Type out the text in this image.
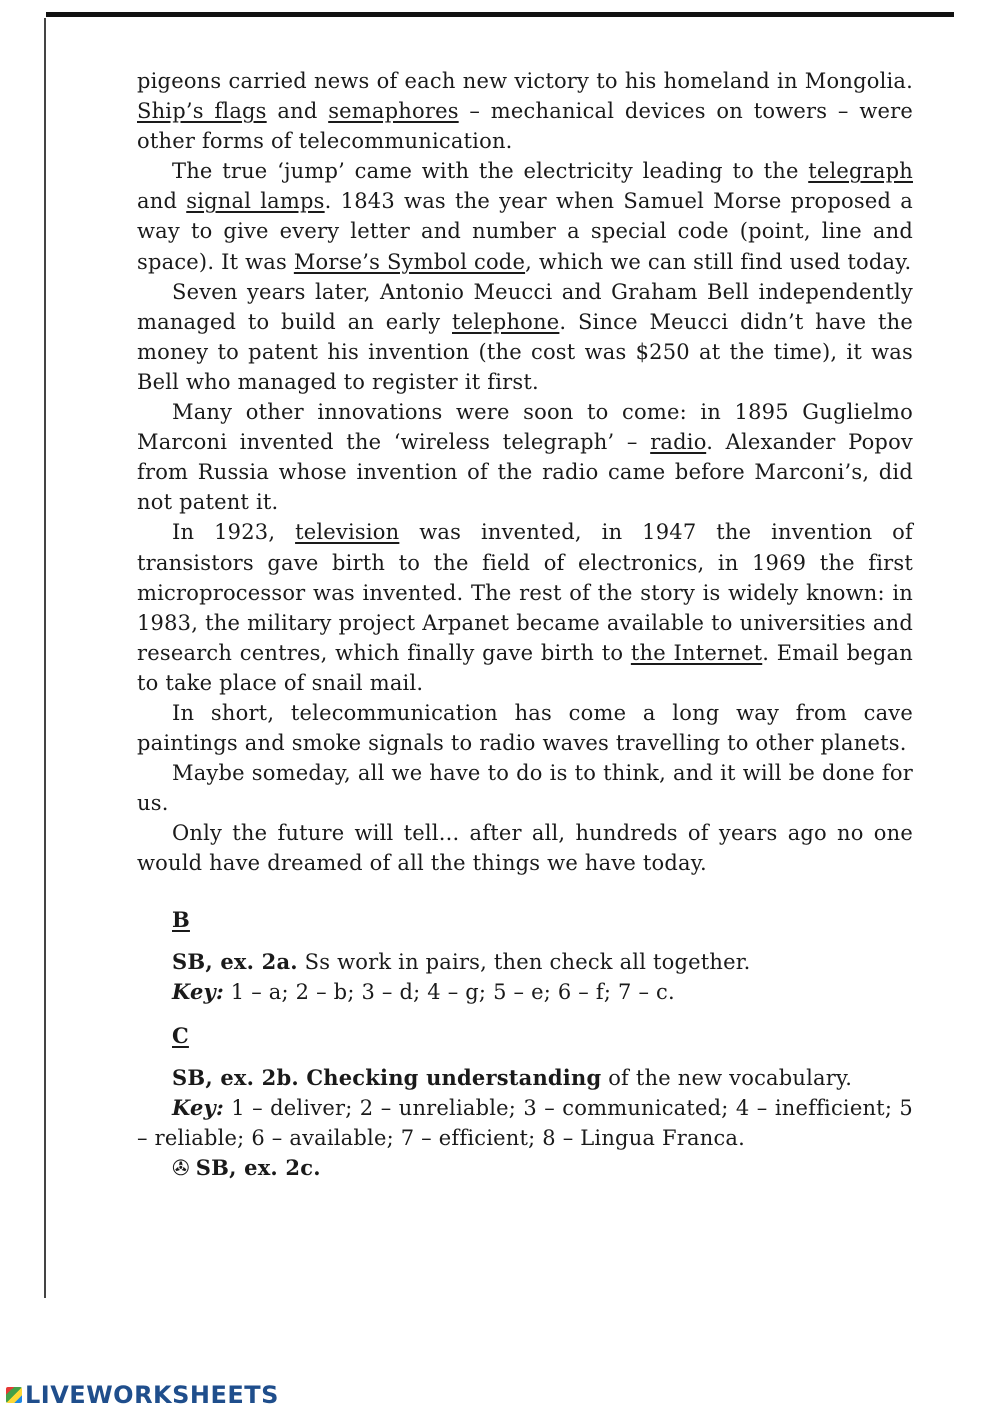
pigeons carried news of each new victory to his homeland in Mongolia. Ship’s flags and semaphores – mechanical devices on towers – were other forms of telecommunication.

The true ‘jump’ came with the electricity leading to the telegraph and signal lamps. 1843 was the year when Samuel Morse proposed a way to give every letter and number a special code (point, line and space). It was Morse’s Symbol code, which we can still find used today.

Seven years later, Antonio Meucci and Graham Bell independently managed to build an early telephone. Since Meucci didn’t have the money to patent his invention (the cost was $250 at the time), it was Bell who managed to register it first.

Many other innovations were soon to come: in 1895 Guglielmo Marconi invented the ‘wireless telegraph’ – radio. Alexander Popov from Russia whose invention of the radio came before Marconi’s, did not patent it.

In 1923, television was invented, in 1947 the invention of transistors gave birth to the field of electronics, in 1969 the first microprocessor was invented. The rest of the story is widely known: in 1983, the military project Arpanet became available to universities and research centres, which finally gave birth to the Internet. Email began to take place of snail mail.

In short, telecommunication has come a long way from cave paintings and smoke signals to radio waves travelling to other planets.

Maybe someday, all we have to do is to think, and it will be done for us.

Only the future will tell... after all, hundreds of years ago no one would have dreamed of all the things we have today.

B

SB, ex. 2a. Ss work in pairs, then check all together.

Key: 1 – a; 2 – b; 3 – d; 4 – g; 5 – e; 6 – f; 7 – c.

C

SB, ex. 2b. Checking understanding of the new vocabulary.

Key: 1 – deliver; 2 – unreliable; 3 – communicated; 4 – inefficient; 5 – reliable; 6 – available; 7 – efficient; 8 – Lingua Franca.

✇ SB, ex. 2c.

LIVEWORKSHEETS
